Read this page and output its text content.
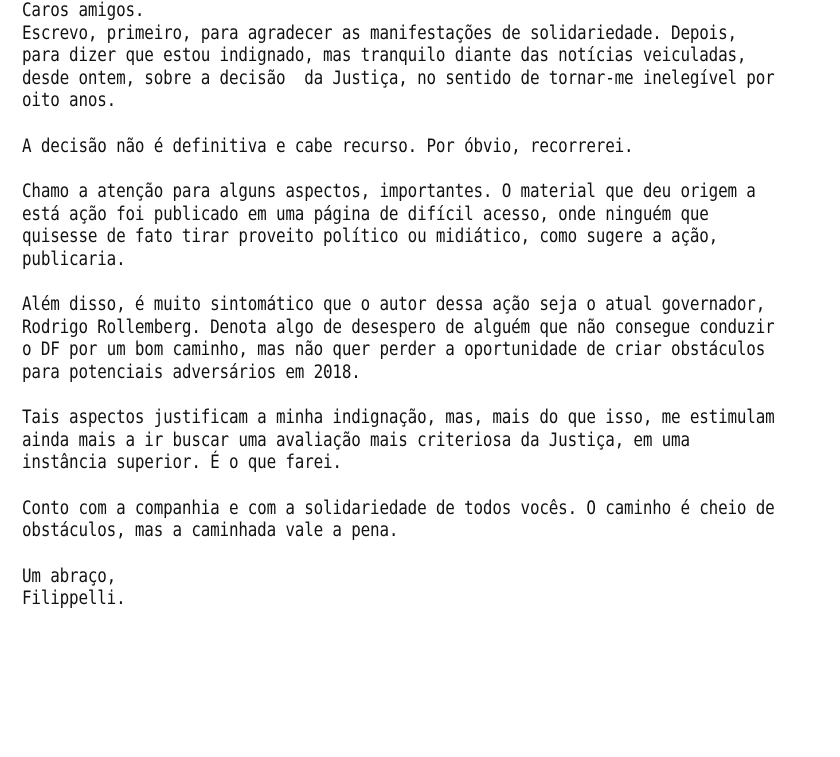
Caros amigos.

Escrevo, primeiro, para agradecer as manifestações de solidariedade. Depois,

para dizer que estou indignado, mas tranquilo diante das notícias veiculadas,

desde ontem, sobre a decisão  da Justiça, no sentido de tornar-me inelegível por

oito anos.

A decisão não é definitiva e cabe recurso. Por óbvio, recorrerei.

Chamo a atenção para alguns aspectos, importantes. O material que deu origem a

está ação foi publicado em uma página de difícil acesso, onde ninguém que

quisesse de fato tirar proveito político ou midiático, como sugere a ação,

publicaria.

Além disso, é muito sintomático que o autor dessa ação seja o atual governador,

Rodrigo Rollemberg. Denota algo de desespero de alguém que não consegue conduzir

o DF por um bom caminho, mas não quer perder a oportunidade de criar obstáculos

para potenciais adversários em 2018.

Tais aspectos justificam a minha indignação, mas, mais do que isso, me estimulam

ainda mais a ir buscar uma avaliação mais criteriosa da Justiça, em uma

instância superior. É o que farei.

Conto com a companhia e com a solidariedade de todos vocês. O caminho é cheio de

obstáculos, mas a caminhada vale a pena.

Um abraço,

Filippelli.
